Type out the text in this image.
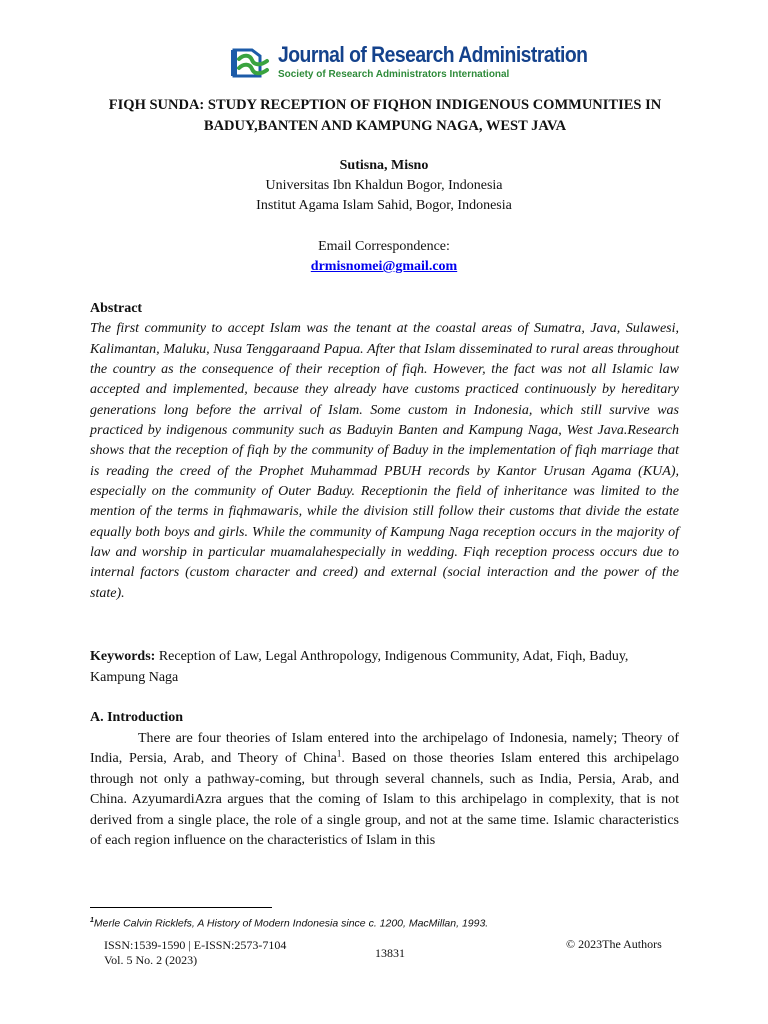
Journal of Research Administration
Society of Research Administrators International
FIQH SUNDA: STUDY RECEPTION OF FIQHON INDIGENOUS COMMUNITIES IN BADUY,BANTEN AND KAMPUNG NAGA, WEST JAVA
Sutisna, Misno
Universitas Ibn Khaldun Bogor, Indonesia
Institut Agama Islam Sahid, Bogor, Indonesia
Email Correspondence:
drmisnomei@gmail.com
Abstract

The first community to accept Islam was the tenant at the coastal areas of Sumatra, Java, Sulawesi, Kalimantan, Maluku, Nusa Tenggaraand Papua. After that Islam disseminated to rural areas throughout the country as the consequence of their reception of fiqh. However, the fact was not all Islamic law accepted and implemented, because they already have customs practiced continuously by hereditary generations long before the arrival of Islam. Some custom in Indonesia, which still survive was practiced by indigenous community such as Baduyin Banten and Kampung Naga, West Java.Research shows that the reception of fiqh by the community of Baduy in the implementation of fiqh marriage that is reading the creed of the Prophet Muhammad PBUH records by Kantor Urusan Agama (KUA), especially on the community of Outer Baduy. Receptionin the field of inheritance was limited to the mention of the terms in fiqhmawaris, while the division still follow their customs that divide the estate equally both boys and girls. While the community of Kampung Naga reception occurs in the majority of law and worship in particular muamalahespecially in wedding. Fiqh reception process occurs due to internal factors (custom character and creed) and external (social interaction and the power of the state).

Keywords: Reception of Law, Legal Anthropology, Indigenous Community, Adat, Fiqh, Baduy, Kampung Naga

A. Introduction

There are four theories of Islam entered into the archipelago of Indonesia, namely; Theory of India, Persia, Arab, and Theory of China$^1$. Based on those theories Islam entered this archipelago through not only a pathway-coming, but through several channels, such as India, Persia, Arab, and China. AzyumardiAzra argues that the coming of Islam to this archipelago in complexity, that is not derived from a single place, the role of a single group, and not at the same time. Islamic characteristics of each region influence on the characteristics of Islam in this

$^1$Merle Calvin Ricklefs, A History of Modern Indonesia since c. 1200, MacMillan, 1993.
ISSN:1539-1590 | E-ISSN:2573-7104
Vol. 5 No. 2 (2023)	13831
© 2023The Authors
